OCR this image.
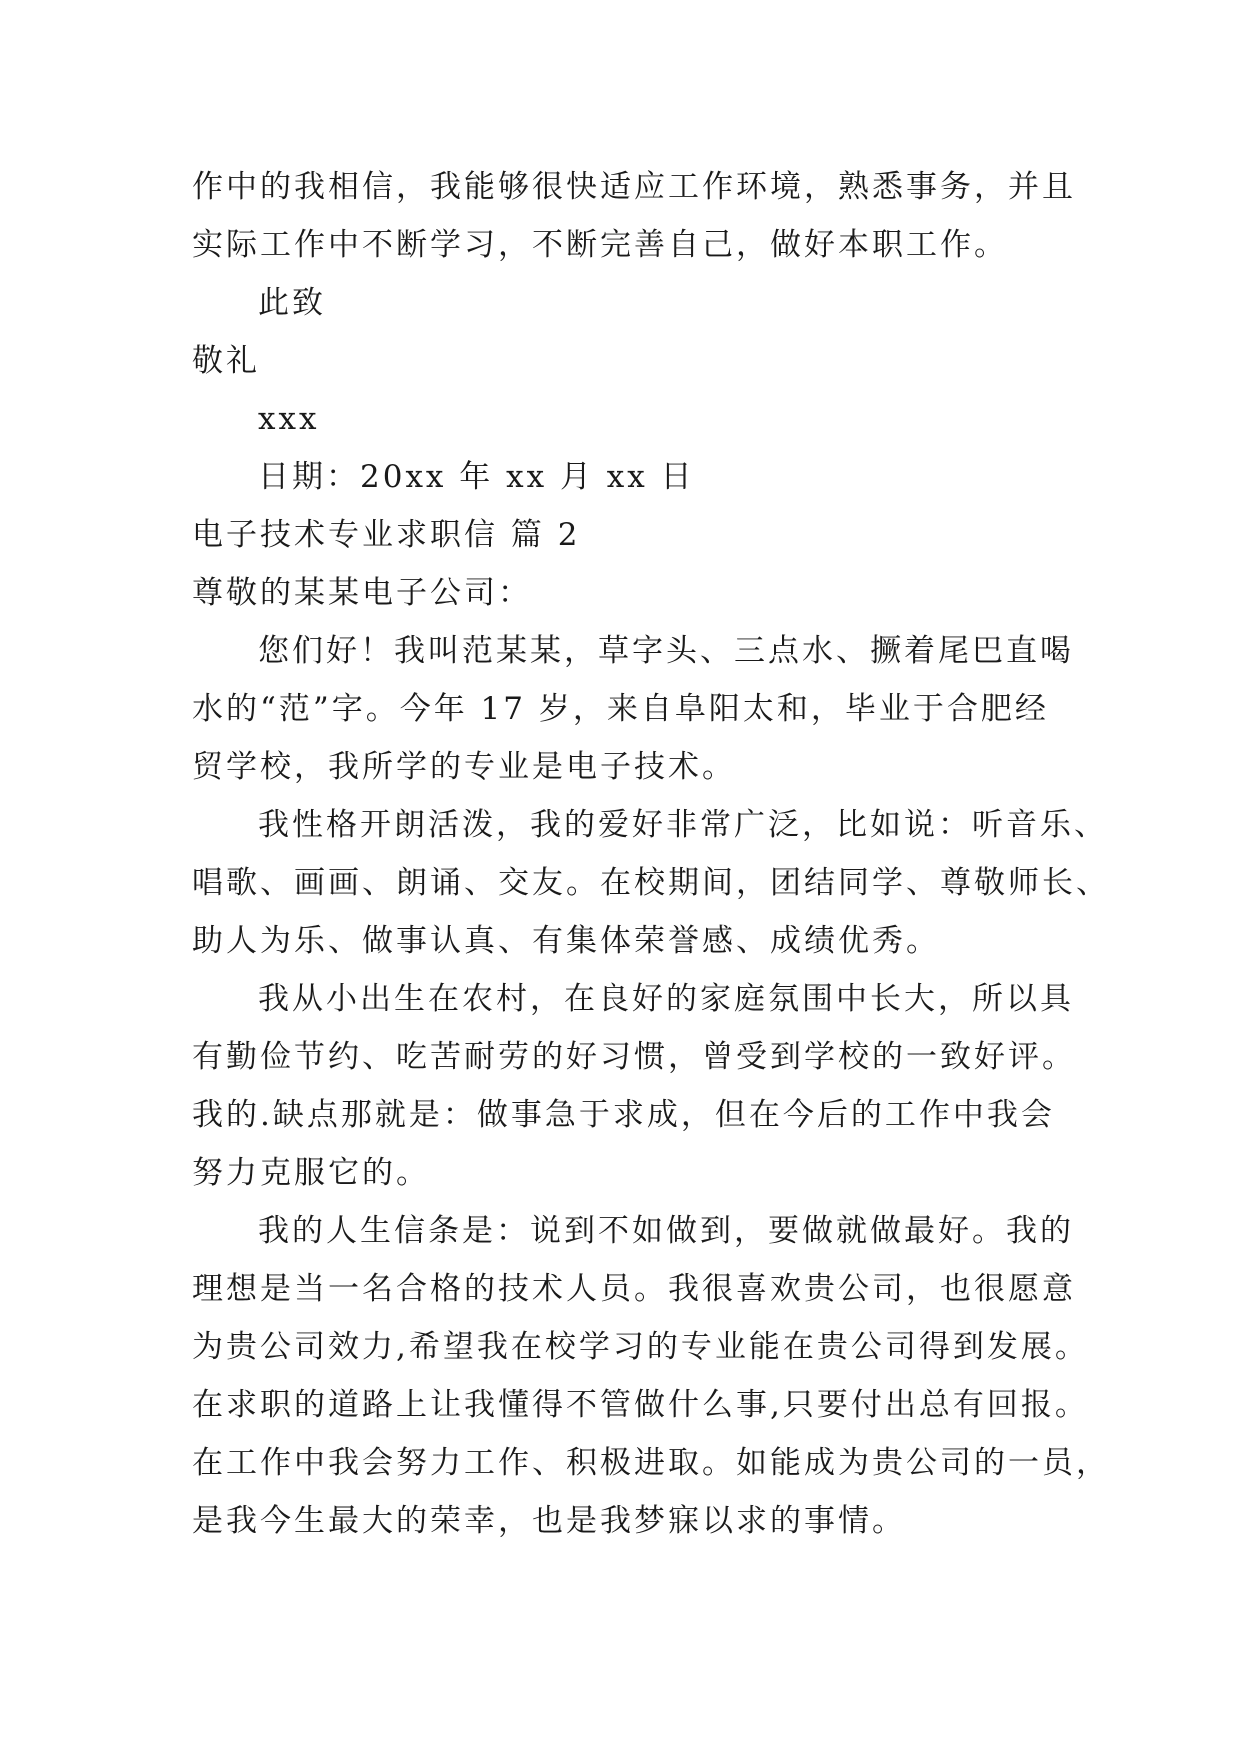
作中的我相信，我能够很快适应工作环境，熟悉事务，并且
实际工作中不断学习，不断完善自己，做好本职工作。
此致
敬礼
xxx
日期：20xx 年 xx 月 xx 日
电子技术专业求职信 篇 2
尊敬的某某电子公司：
您们好！我叫范某某，草字头、三点水、撅着尾巴直喝
水的“范”字。今年 17 岁，来自阜阳太和，毕业于合肥经
贸学校，我所学的专业是电子技术。
我性格开朗活泼，我的爱好非常广泛，比如说：听音乐、
唱歌、画画、朗诵、交友。在校期间，团结同学、尊敬师长、
助人为乐、做事认真、有集体荣誉感、成绩优秀。
我从小出生在农村，在良好的家庭氛围中长大，所以具
有勤俭节约、吃苦耐劳的好习惯，曾受到学校的一致好评。
我的.缺点那就是：做事急于求成，但在今后的工作中我会
努力克服它的。
我的人生信条是：说到不如做到，要做就做最好。我的
理想是当一名合格的技术人员。我很喜欢贵公司，也很愿意
为贵公司效力,希望我在校学习的专业能在贵公司得到发展。
在求职的道路上让我懂得不管做什么事,只要付出总有回报。
在工作中我会努力工作、积极进取。如能成为贵公司的一员，
是我今生最大的荣幸，也是我梦寐以求的事情。
